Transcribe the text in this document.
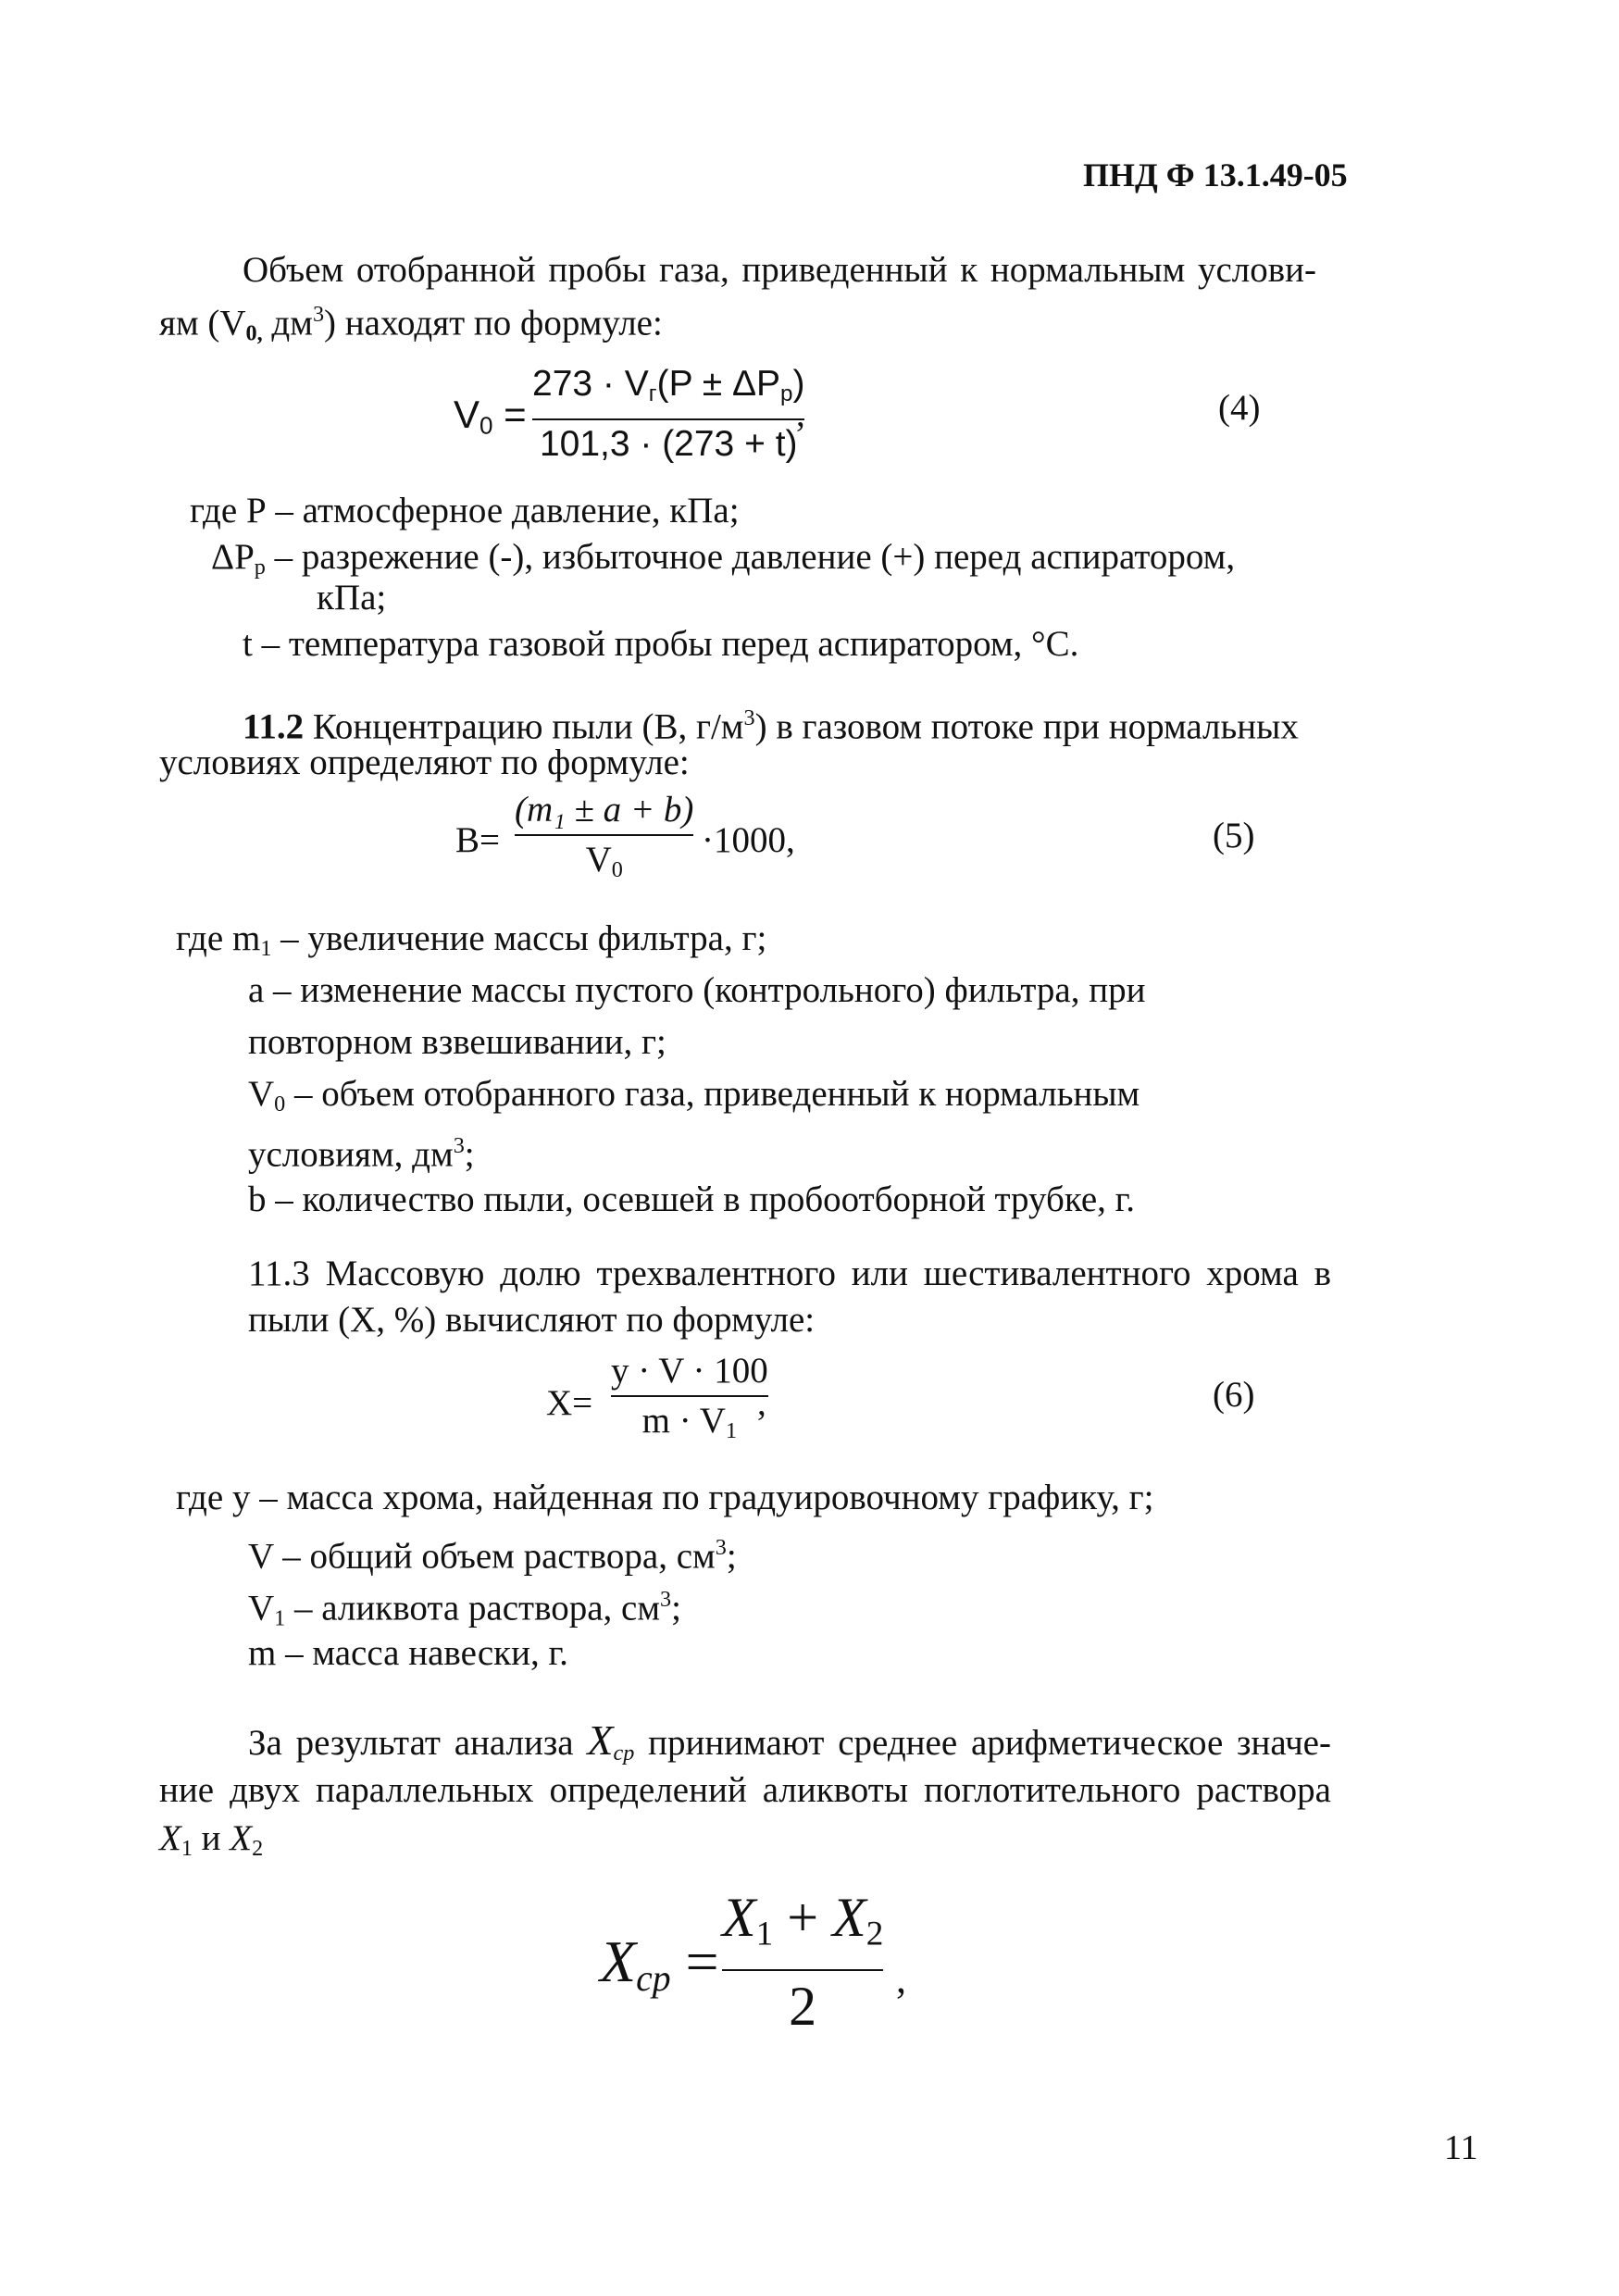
ПНД Ф 13.1.49-05
Объем отобранной пробы газа, приведенный к нормальным услови-
ям ($V_{0,}$ $дм^3$) находят по формуле:
$V_0$ =
$273 \cdot V_г(P \pm \Delta P_р)$
101,3 · (273 + t)
,	(4)
где Р – атмосферное давление, кПа;
$\Delta P_р$ – разрежение (-), избыточное давление (+) перед аспиратором,
кПа;
t – температура газовой пробы перед аспиратором, °С.
11.2 Концентрацию пыли (В, $г/м^3$) в газовом потоке при нормальных
условиях определяют по формуле:
B=
(m₁ ± a + b)
$V_0$
·1000,	(5)
где $m_1$ – увеличение массы фильтра, г;
а – изменение массы пустого (контрольного) фильтра, при
повторном взвешивании, г;
$V_0$ – объем отобранного газа, приведенный к нормальным
условиям, $дм^3$;
b – количество пыли, осевшей в пробоотборной трубке, г.
11.3 Массовую долю трехвалентного или шестивалентного хрома в
пыли (X, %) вычисляют по формуле:
X=
y · V · 100
$m \cdot V_1$
,	(6)
где у – масса хрома, найденная по градуировочному графику, г;
V – общий объем раствора, $см^3$;
$V_1$ – аликвота раствора, $см^3$;
m – масса навески, г.
За результат анализа $X_{ср}$ принимают среднее арифметическое значе-
ние двух параллельных определений аликвоты поглотительного раствора
$X_1$ и $X_2$
$X_{ср}$ =
$X_1 + X_2$
2 ,
11
